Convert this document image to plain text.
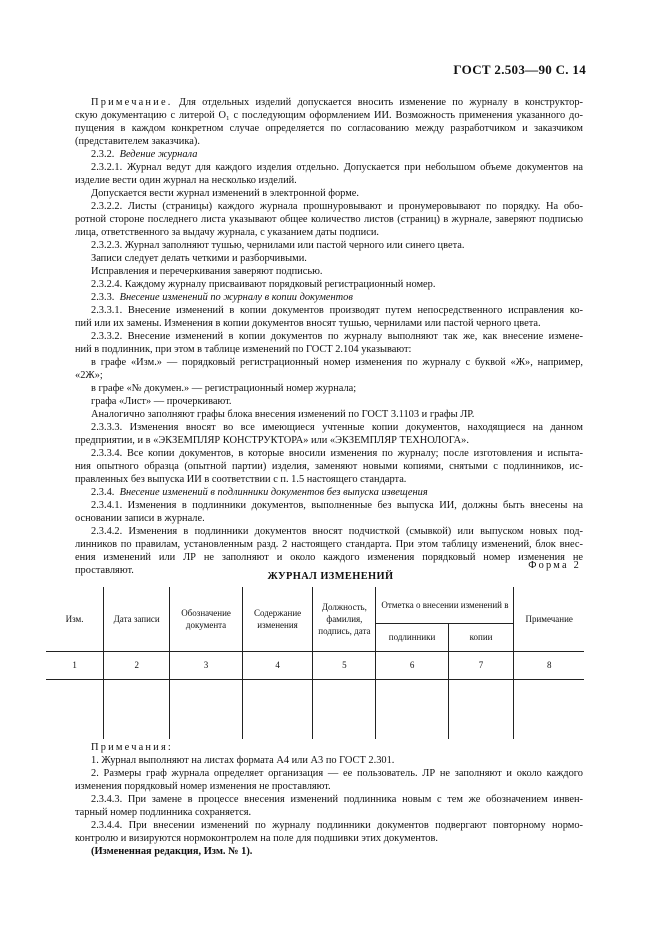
ГОСТ 2.503—90 С. 14

Примечание. Для отдельных изделий допускается вносить изменение по журналу в конструктор-

скую документацию с литерой О₁ с последующим оформлением ИИ. Возможность применения указанного до-

пущения в каждом конкретном случае определяется по согласованию между разработчиком и заказчиком

(представителем заказчика).

2.3.2. Ведение журнала

2.3.2.1. Журнал ведут для каждого изделия отдельно. Допускается при небольшом объеме документов на

изделие вести один журнал на несколько изделий.

Допускается вести журнал изменений в электронной форме.

2.3.2.2. Листы (страницы) каждого журнала прошнуровывают и пронумеровывают по порядку. На обо-

ротной стороне последнего листа указывают общее количество листов (страниц) в журнале, заверяют подписью

лица, ответственного за выдачу журнала, с указанием даты подписи.

2.3.2.3. Журнал заполняют тушью, чернилами или пастой черного или синего цвета.

Записи следует делать четкими и разборчивыми.

Исправления и перечеркивания заверяют подписью.

2.3.2.4. Каждому журналу присваивают порядковый регистрационный номер.

2.3.3. Внесение изменений по журналу в копии документов

2.3.3.1. Внесение изменений в копии документов производят путем непосредственного исправления ко-

пий или их замены. Изменения в копии документов вносят тушью, чернилами или пастой черного цвета.

2.3.3.2. Внесение изменений в копии документов по журналу выполняют так же, как внесение измене-

ний в подлинник, при этом в таблице изменений по ГОСТ 2.104 указывают:

в графе «Изм.» — порядковый регистрационный номер изменения по журналу с буквой «Ж», например,

«2Ж»;

в графе «№ докумен.» — регистрационный номер журнала;

графа «Лист» — прочеркивают.

Аналогично заполняют графы блока внесения изменений по ГОСТ 3.1103 и графы ЛР.

2.3.3.3. Изменения вносят во все имеющиеся учтенные копии документов, находящиеся на данном

предприятии, и в «ЭКЗЕМПЛЯР КОНСТРУКТОРА» или «ЭКЗЕМПЛЯР ТЕХНОЛОГА».

2.3.3.4. Все копии документов, в которые вносили изменения по журналу; после изготовления и испыта-

ния опытного образца (опытной партии) изделия, заменяют новыми копиями, снятыми с подлинников, ис-

правленных без выпуска ИИ в соответствии с п. 1.5 настоящего стандарта.

2.3.4. Внесение изменений в подлинники документов без выпуска извещения

2.3.4.1. Изменения в подлинники документов, выполненные без выпуска ИИ, должны быть внесены на

основании записи в журнале.

2.3.4.2. Изменения в подлинники документов вносят подчисткой (смывкой) или выпуском новых под-

линников по правилам, установленным разд. 2 настоящего стандарта. При этом таблицу изменений, блок внес-

ения изменений или ЛР не заполняют и около каждого изменения порядковый номер изменения не

проставляют.	Форма 2
ЖУРНАЛ ИЗМЕНЕНИЙ
Изм.	Дата записи	Обозначение документа	Содержание изменения	Должность, фамилия, подпись, дата	Отметка о внесении изменений в		Примечание
					подлинники	копии	
1	2	3	4	5	6	7	8

Примечания:

1. Журнал выполняют на листах формата А4 или А3 по ГОСТ 2.301.

2. Размеры граф журнала определяет организация — ее пользователь. ЛР не заполняют и около каждого

изменения порядковый номер изменения не проставляют.

2.3.4.3. При замене в процессе внесения изменений подлинника новым с тем же обозначением инвен-

тарный номер подлинника сохраняется.

2.3.4.4. При внесении изменений по журналу подлинники документов подвергают повторному нормо-

контролю и визируются нормоконтролем на поле для подшивки этих документов.

(Измененная редакция, Изм. № 1).
